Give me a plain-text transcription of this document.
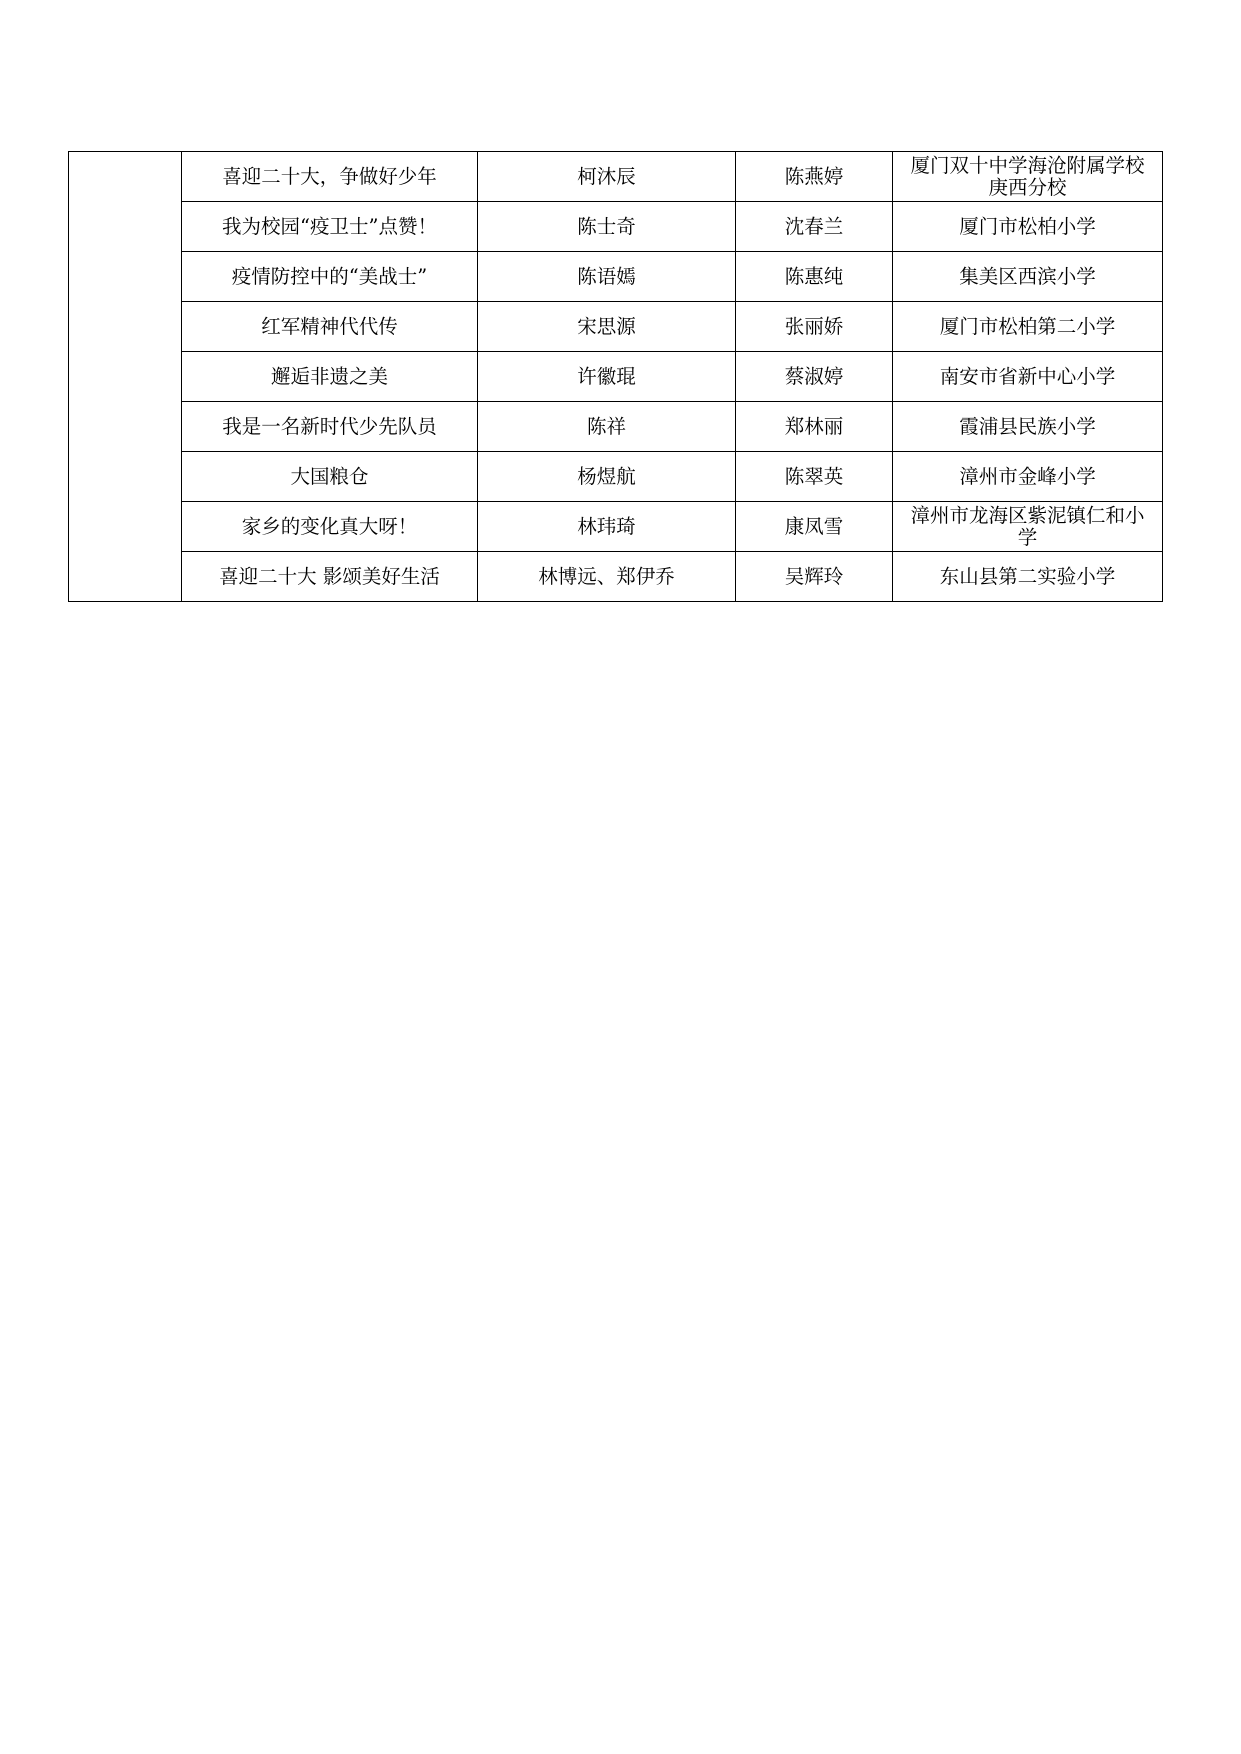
	喜迎二十大，争做好少年	柯沐辰	陈燕婷	厦门双十中学海沧附属学校庚西分校
	我为校园“疫卫士”点赞！	陈士奇	沈春兰	厦门市松柏小学
	疫情防控中的“美战士”	陈语嫣	陈惠纯	集美区西滨小学
	红军精神代代传	宋思源	张丽娇	厦门市松柏第二小学
	邂逅非遗之美	许徽琨	蔡淑婷	南安市省新中心小学
	我是一名新时代少先队员	陈祥	郑林丽	霞浦县民族小学
	大国粮仓	杨煜航	陈翠英	漳州市金峰小学
	家乡的变化真大呀！	林玮琦	康凤雪	漳州市龙海区紫泥镇仁和小学
	喜迎二十大 影颂美好生活	林博远、郑伊乔	吴辉玲	东山县第二实验小学
